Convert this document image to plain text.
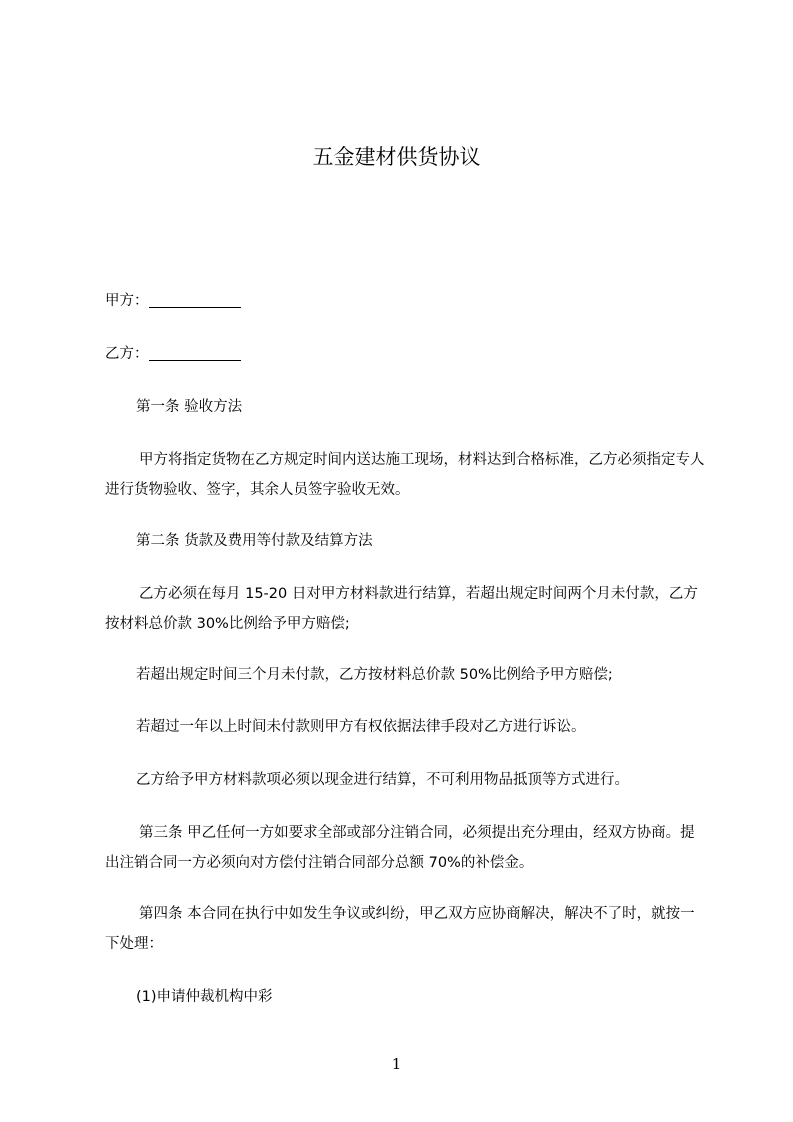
五金建材供货协议
甲方：
乙方：
第一条 验收方法
甲方将指定货物在乙方规定时间内送达施工现场，材料达到合格标准，乙方必须指定专人进行货物验收、签字，其余人员签字验收无效。
第二条 货款及费用等付款及结算方法
乙方必须在每月 15-20 日对甲方材料款进行结算，若超出规定时间两个月未付款，乙方按材料总价款 30%比例给予甲方赔偿;
若超出规定时间三个月未付款，乙方按材料总价款 50%比例给予甲方赔偿;
若超过一年以上时间未付款则甲方有权依据法律手段对乙方进行诉讼。
乙方给予甲方材料款项必须以现金进行结算，不可利用物品抵顶等方式进行。
第三条 甲乙任何一方如要求全部或部分注销合同，必须提出充分理由，经双方协商。提出注销合同一方必须向对方偿付注销合同部分总额 70%的补偿金。
第四条 本合同在执行中如发生争议或纠纷，甲乙双方应协商解决，解决不了时，就按一下处理：
(1)申请仲裁机构中彩
1
